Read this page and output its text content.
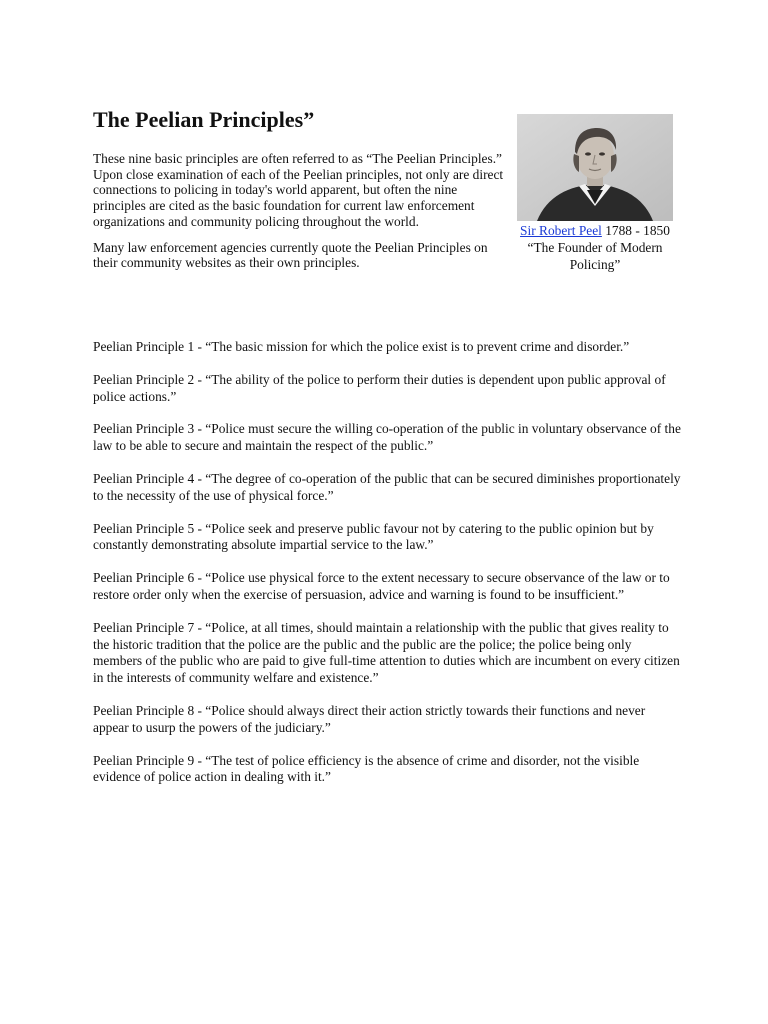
The Peelian Principles”

These nine basic principles are often referred to as “The Peelian Principles.” Upon close examination of each of the Peelian principles, not only are direct connections to policing in today's world apparent, but often the nine principles are cited as the basic foundation for current law enforcement organizations and community policing throughout the world.

Many law enforcement agencies currently quote the Peelian Principles on their community websites as their own principles.

Sir Robert Peel 1788 - 1850
“The Founder of Modern Policing”

Peelian Principle 1 - “The basic mission for which the police exist is to prevent crime and disorder.”

Peelian Principle 2 - “The ability of the police to perform their duties is dependent upon public approval of police actions.”

Peelian Principle 3 - “Police must secure the willing co-operation of the public in voluntary observance of the law to be able to secure and maintain the respect of the public.”

Peelian Principle 4 - “The degree of co-operation of the public that can be secured diminishes proportionately to the necessity of the use of physical force.”

Peelian Principle 5 - “Police seek and preserve public favour not by catering to the public opinion but by constantly demonstrating absolute impartial service to the law.”

Peelian Principle 6 - “Police use physical force to the extent necessary to secure observance of the law or to restore order only when the exercise of persuasion, advice and warning is found to be insufficient.”

Peelian Principle 7 - “Police, at all times, should maintain a relationship with the public that gives reality to the historic tradition that the police are the public and the public are the police; the police being only members of the public who are paid to give full-time attention to duties which are incumbent on every citizen in the interests of community welfare and existence.”

Peelian Principle 8 - “Police should always direct their action strictly towards their functions and never appear to usurp the powers of the judiciary.”

Peelian Principle 9 - “The test of police efficiency is the absence of crime and disorder, not the visible evidence of police action in dealing with it.”
